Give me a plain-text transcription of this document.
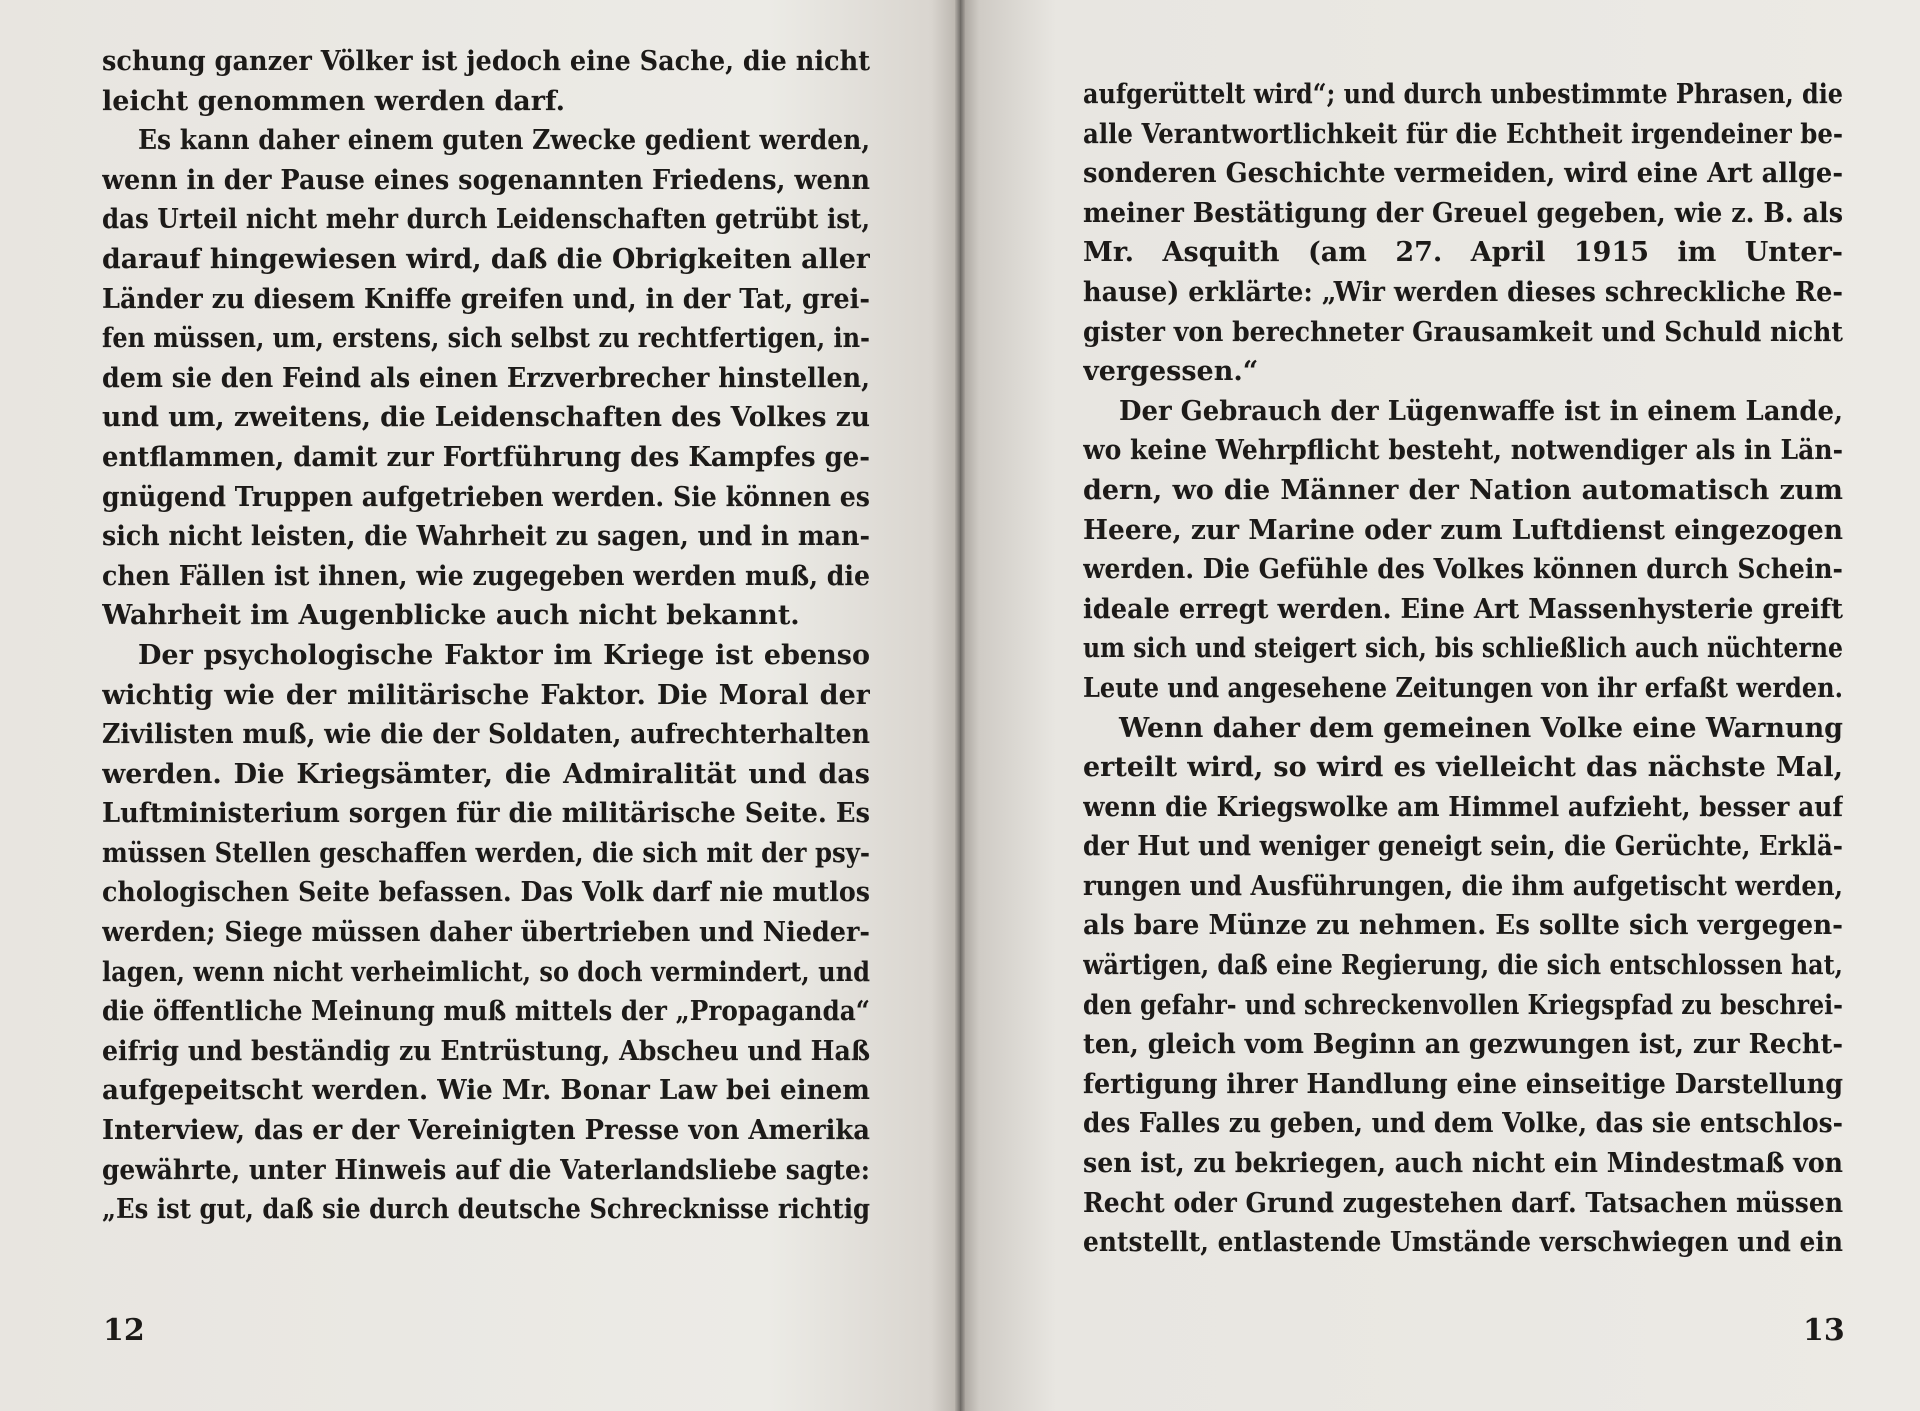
schung ganzer Völker ist jedoch eine Sache, die nicht
leicht genommen werden darf.
Es kann daher einem guten Zwecke gedient werden,
wenn in der Pause eines sogenannten Friedens, wenn
das Urteil nicht mehr durch Leidenschaften getrübt ist,
darauf hingewiesen wird, daß die Obrigkeiten aller
Länder zu diesem Kniffe greifen und, in der Tat, grei-
fen müssen, um, erstens, sich selbst zu rechtfertigen, in-
dem sie den Feind als einen Erzverbrecher hinstellen,
und um, zweitens, die Leidenschaften des Volkes zu
entflammen, damit zur Fortführung des Kampfes ge-
gnügend Truppen aufgetrieben werden. Sie können es
sich nicht leisten, die Wahrheit zu sagen, und in man-
chen Fällen ist ihnen, wie zugegeben werden muß, die
Wahrheit im Augenblicke auch nicht bekannt.
Der psychologische Faktor im Kriege ist ebenso
wichtig wie der militärische Faktor. Die Moral der
Zivilisten muß, wie die der Soldaten, aufrechterhalten
werden. Die Kriegsämter, die Admiralität und das
Luftministerium sorgen für die militärische Seite. Es
müssen Stellen geschaffen werden, die sich mit der psy-
chologischen Seite befassen. Das Volk darf nie mutlos
werden; Siege müssen daher übertrieben und Nieder-
lagen, wenn nicht verheimlicht, so doch vermindert, und
die öffentliche Meinung muß mittels der „Propaganda“
eifrig und beständig zu Entrüstung, Abscheu und Haß
aufgepeitscht werden. Wie Mr. Bonar Law bei einem
Interview, das er der Vereinigten Presse von Amerika
gewährte, unter Hinweis auf die Vaterlandsliebe sagte:
„Es ist gut, daß sie durch deutsche Schrecknisse richtig
12
aufgerüttelt wird“; und durch unbestimmte Phrasen, die
alle Verantwortlichkeit für die Echtheit irgendeiner be-
sonderen Geschichte vermeiden, wird eine Art allge-
meiner Bestätigung der Greuel gegeben, wie z. B. als
Mr. Asquith (am 27. April 1915 im Unter-
hause) erklärte: „Wir werden dieses schreckliche Re-
gister von berechneter Grausamkeit und Schuld nicht
vergessen.“
Der Gebrauch der Lügenwaffe ist in einem Lande,
wo keine Wehrpflicht besteht, notwendiger als in Län-
dern, wo die Männer der Nation automatisch zum
Heere, zur Marine oder zum Luftdienst eingezogen
werden. Die Gefühle des Volkes können durch Schein-
ideale erregt werden. Eine Art Massenhysterie greift
um sich und steigert sich, bis schließlich auch nüchterne
Leute und angesehene Zeitungen von ihr erfaßt werden.
Wenn daher dem gemeinen Volke eine Warnung
erteilt wird, so wird es vielleicht das nächste Mal,
wenn die Kriegswolke am Himmel aufzieht, besser auf
der Hut und weniger geneigt sein, die Gerüchte, Erklä-
rungen und Ausführungen, die ihm aufgetischt werden,
als bare Münze zu nehmen. Es sollte sich vergegen-
wärtigen, daß eine Regierung, die sich entschlossen hat,
den gefahr- und schreckenvollen Kriegspfad zu beschrei-
ten, gleich vom Beginn an gezwungen ist, zur Recht-
fertigung ihrer Handlung eine einseitige Darstellung
des Falles zu geben, und dem Volke, das sie entschlos-
sen ist, zu bekriegen, auch nicht ein Mindestmaß von
Recht oder Grund zugestehen darf. Tatsachen müssen
entstellt, entlastende Umstände verschwiegen und ein
13
